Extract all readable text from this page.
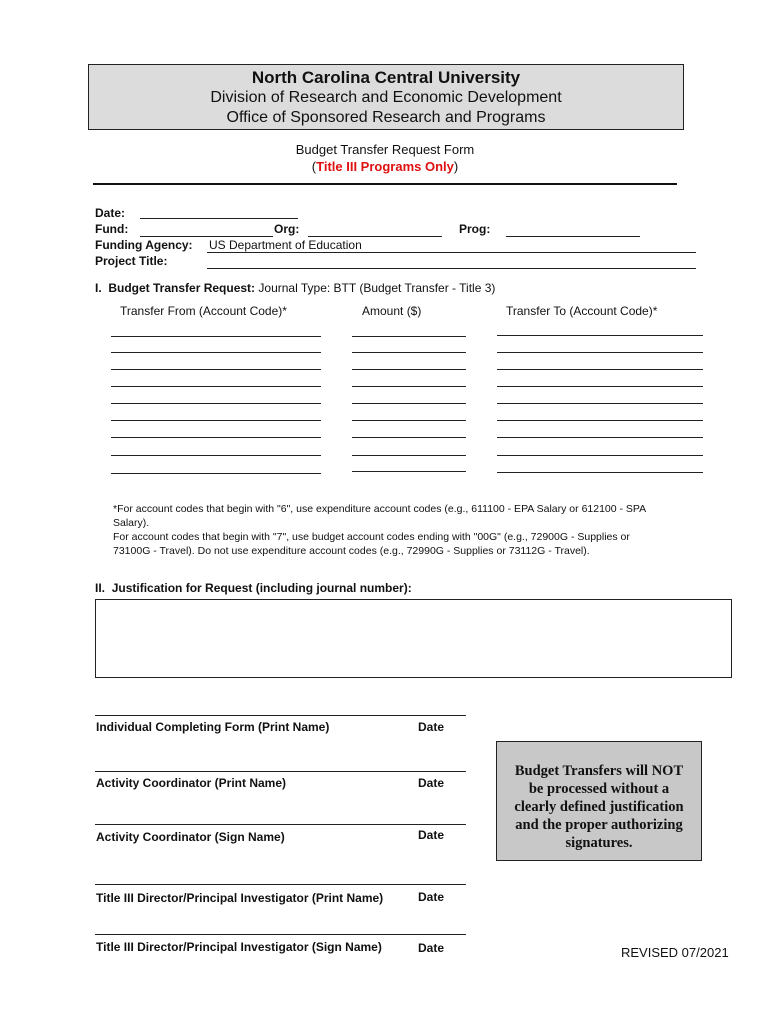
North Carolina Central University
Division of Research and Economic Development
Office of Sponsored Research and Programs
Budget Transfer Request Form
(Title III Programs Only)
Date:
Fund:	Org:	Prog:
Funding Agency: US Department of Education
Project Title:
I. Budget Transfer Request: Journal Type: BTT (Budget Transfer - Title 3)
Transfer From (Account Code)*	Amount ($)	Transfer To (Account Code)*
*For account codes that begin with "6", use expenditure account codes (e.g., 611100 - EPA Salary or 612100 - SPA
Salary).
For account codes that begin with "7", use budget account codes ending with "00G" (e.g., 72900G - Supplies or
73100G - Travel). Do not use expenditure account codes (e.g., 72990G - Supplies or 73112G - Travel).
II. Justification for Request (including journal number):
Individual Completing Form (Print Name)	Date
Activity Coordinator (Print Name)	Date
Activity Coordinator (Sign Name)	Date
Title III Director/Principal Investigator (Print Name)	Date
Title III Director/Principal Investigator (Sign Name)	Date
Budget Transfers will NOT
be processed without a
clearly defined justification
and the proper authorizing
signatures.
REVISED 07/2021
